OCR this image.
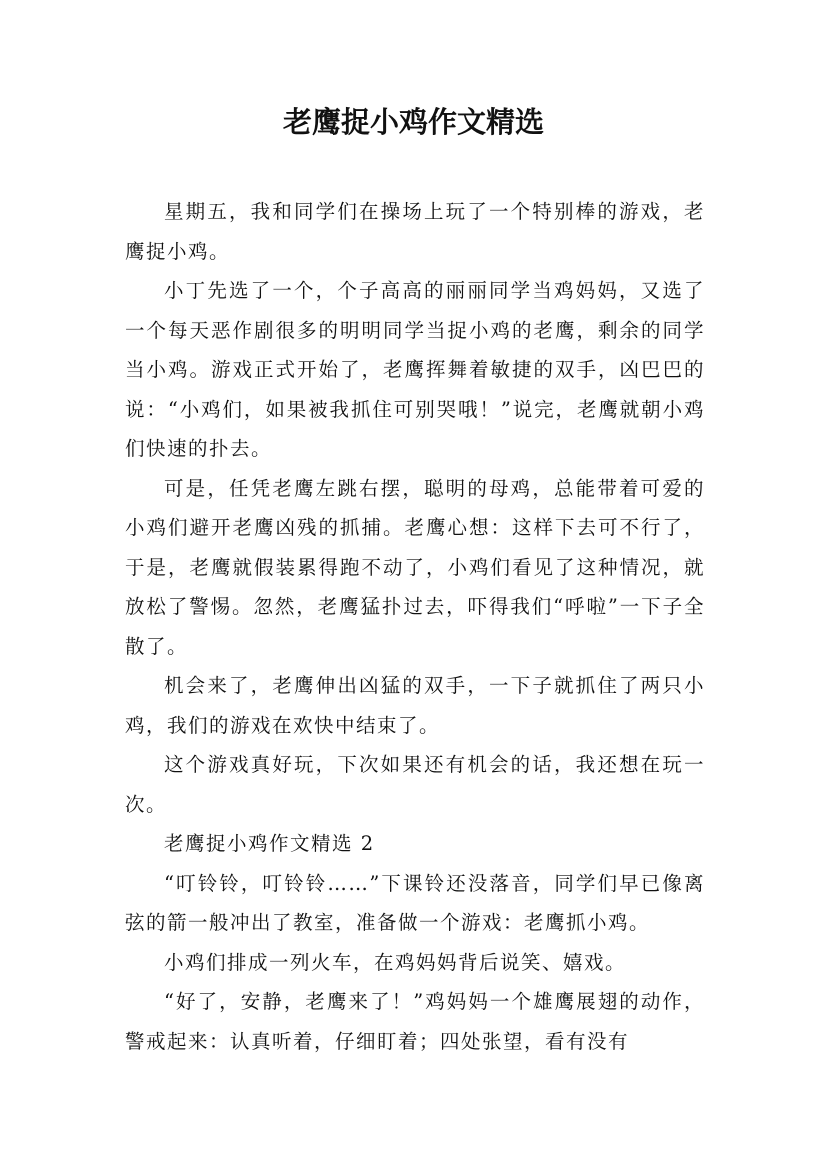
老鹰捉小鸡作文精选

星期五，我和同学们在操场上玩了一个特别棒的游戏，老鹰捉小鸡。

小丁先选了一个，个子高高的丽丽同学当鸡妈妈，又选了一个每天恶作剧很多的明明同学当捉小鸡的老鹰，剩余的同学当小鸡。游戏正式开始了，老鹰挥舞着敏捷的双手，凶巴巴的说：“小鸡们，如果被我抓住可别哭哦！”说完，老鹰就朝小鸡们快速的扑去。

可是，任凭老鹰左跳右摆，聪明的母鸡，总能带着可爱的小鸡们避开老鹰凶残的抓捕。老鹰心想：这样下去可不行了，于是，老鹰就假装累得跑不动了，小鸡们看见了这种情况，就放松了警惕。忽然，老鹰猛扑过去，吓得我们“呼啦”一下子全散了。

机会来了，老鹰伸出凶猛的双手，一下子就抓住了两只小鸡，我们的游戏在欢快中结束了。

这个游戏真好玩，下次如果还有机会的话，我还想在玩一次。

老鹰捉小鸡作文精选 2

“叮铃铃，叮铃铃……”下课铃还没落音，同学们早已像离弦的箭一般冲出了教室，准备做一个游戏：老鹰抓小鸡。

小鸡们排成一列火车，在鸡妈妈背后说笑、嬉戏。

“好了，安静，老鹰来了！”鸡妈妈一个雄鹰展翅的动作，警戒起来：认真听着，仔细盯着；四处张望，看有没有
